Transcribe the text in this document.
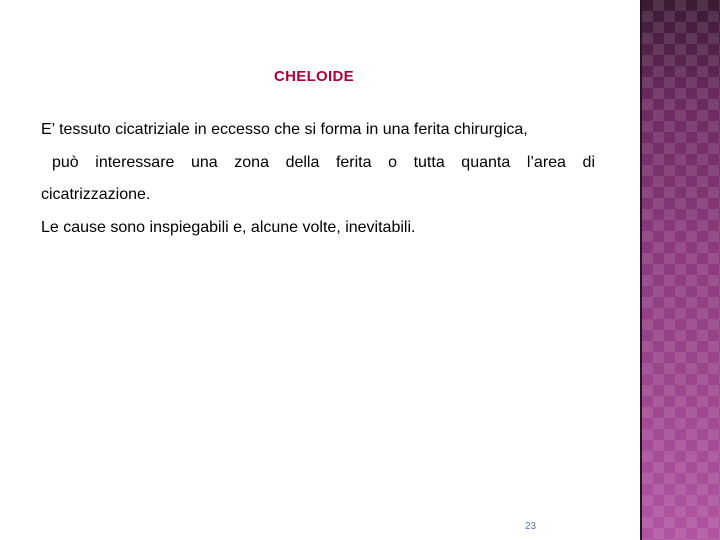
CHELOIDE
E’ tessuto cicatriziale in eccesso che si forma in una ferita chirurgica,
può interessare una zona della ferita o tutta quanta l’area di
cicatrizzazione.
Le cause sono inspiegabili e, alcune volte, inevitabili.
23
